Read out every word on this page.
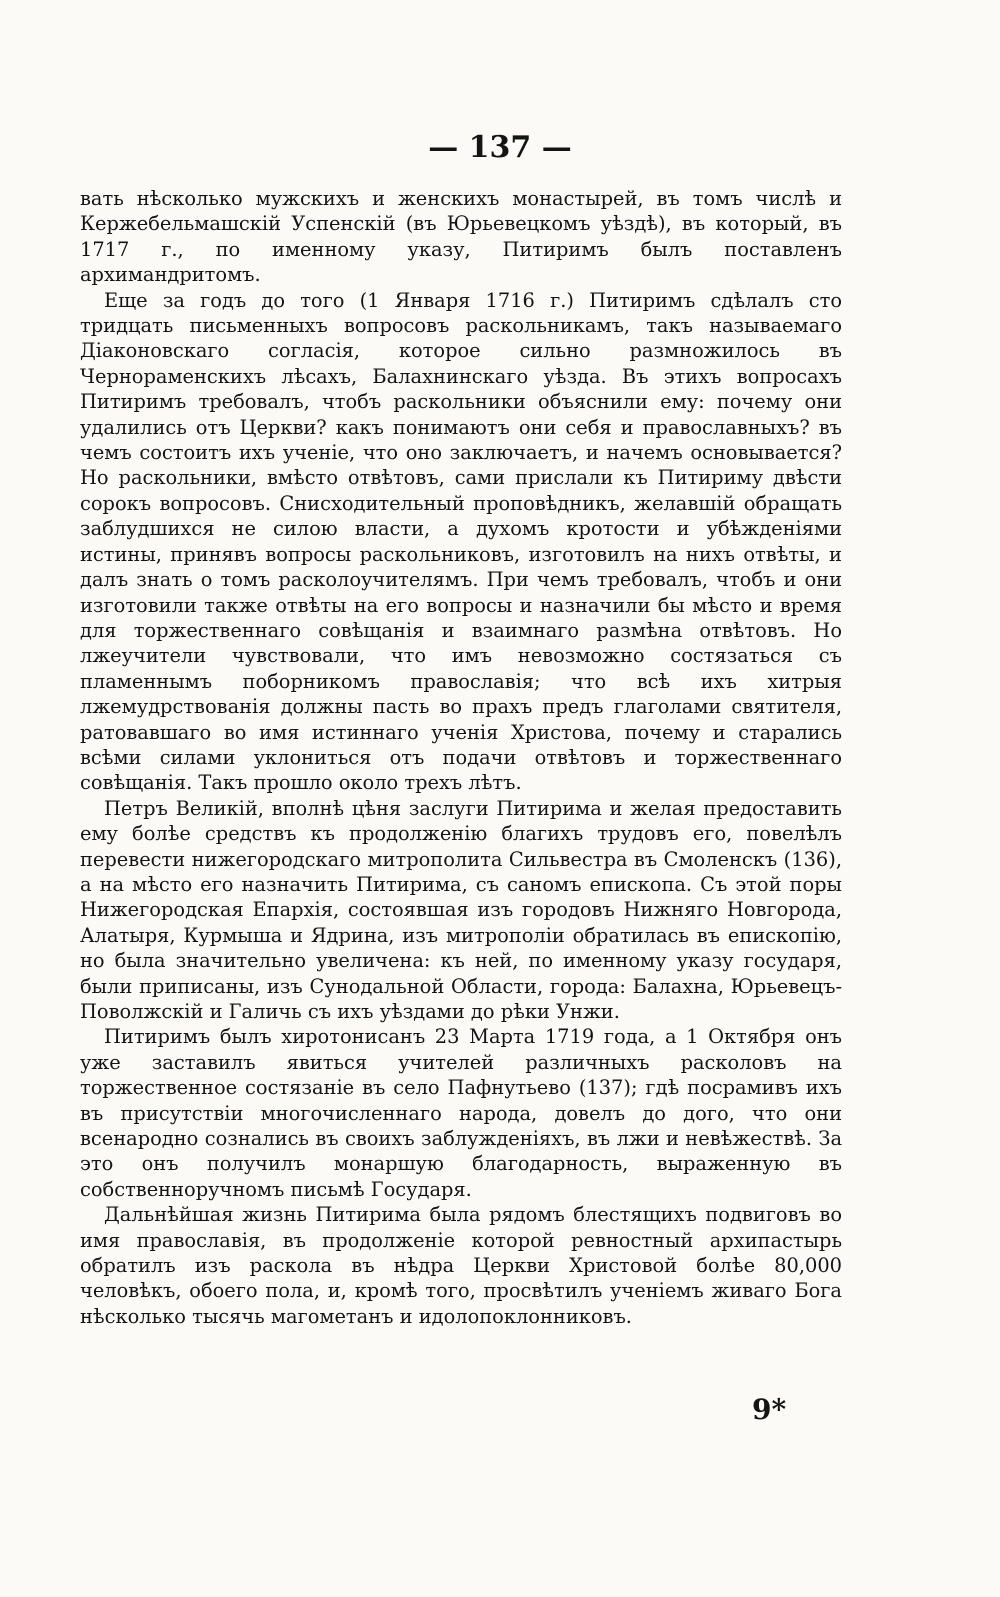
— 137 —

вать нѣсколько мужскихъ и женскихъ монастырей, въ томъ числѣ и Кержебельмашскій Успенскій (въ Юрьевецкомъ уѣздѣ), въ который, въ 1717 г., по именному указу, Питиримъ былъ поставленъ архимандритомъ.

Еще за годъ до того (1 Января 1716 г.) Питиримъ сдѣлалъ сто тридцать письменныхъ вопросовъ раскольникамъ, такъ называемаго Діаконовскаго согласія, которое сильно размножилось въ Чернораменскихъ лѣсахъ, Балахнинскаго уѣзда. Въ этихъ вопросахъ Питиримъ требовалъ, чтобъ раскольники объяснили ему: почему они удалились отъ Церкви? какъ понимаютъ они себя и православныхъ? въ чемъ состоитъ ихъ ученіе, что оно заключаетъ, и начемъ основывается? Но раскольники, вмѣсто отвѣтовъ, сами прислали къ Питириму двѣсти сорокъ вопросовъ. Снисходительный проповѣдникъ, желавшій обращать заблудшихся не силою власти, а духомъ кротости и убѣжденіями истины, принявъ вопросы раскольниковъ, изготовилъ на нихъ отвѣты, и далъ знать о томъ расколоучителямъ. При чемъ требовалъ, чтобъ и они изготовили также отвѣты на его вопросы и назначили бы мѣсто и время для торжественнаго совѣщанія и взаимнаго размѣна отвѣтовъ. Но лжеучители чувствовали, что имъ невозможно состязаться съ пламеннымъ поборникомъ православія; что всѣ ихъ хитрыя лжемудрствованія должны пасть во прахъ предъ глаголами святителя, ратовавшаго во имя истиннаго ученія Христова, почему и старались всѣми силами уклониться отъ подачи отвѣтовъ и торжественнаго совѣщанія. Такъ прошло около трехъ лѣтъ.

Петръ Великій, вполнѣ цѣня заслуги Питирима и желая предоставить ему болѣе средствъ къ продолженію благихъ трудовъ его, повелѣлъ перевести нижегородскаго митрополита Сильвестра въ Смоленскъ (136), а на мѣсто его назначить Питирима, съ саномъ епископа. Съ этой поры Нижегородская Епархія, состоявшая изъ городовъ Нижняго Новгорода, Алатыря, Курмыша и Ядрина, изъ митрополіи обратилась въ епископію, но была значительно увеличена: къ ней, по именному указу государя, были приписаны, изъ Сунодальной Области, города: Балахна, Юрьевецъ-Поволжскій и Галичь съ ихъ уѣздами до рѣки Унжи.

Питиримъ былъ хиротонисанъ 23 Марта 1719 года, а 1 Октября онъ уже заставилъ явиться учителей различныхъ расколовъ на торжественное состязаніе въ село Пафнутьево (137); гдѣ посрамивъ ихъ въ присутствіи многочисленнаго народа, довелъ до дого, что они всенародно сознались въ своихъ заблужденіяхъ, въ лжи и невѣжествѣ. За это онъ получилъ монаршую благодарность, выраженную въ собственноручномъ письмѣ Государя.

Дальнѣйшая жизнь Питирима была рядомъ блестящихъ подвиговъ во имя православія, въ продолженіе которой ревностный архипастырь обратилъ изъ раскола въ нѣдра Церкви Христовой болѣе 80,000 человѣкъ, обоего пола, и, кромѣ того, просвѣтилъ ученіемъ живаго Бога нѣсколько тысячь магометанъ и идолопоклонниковъ.

9*
